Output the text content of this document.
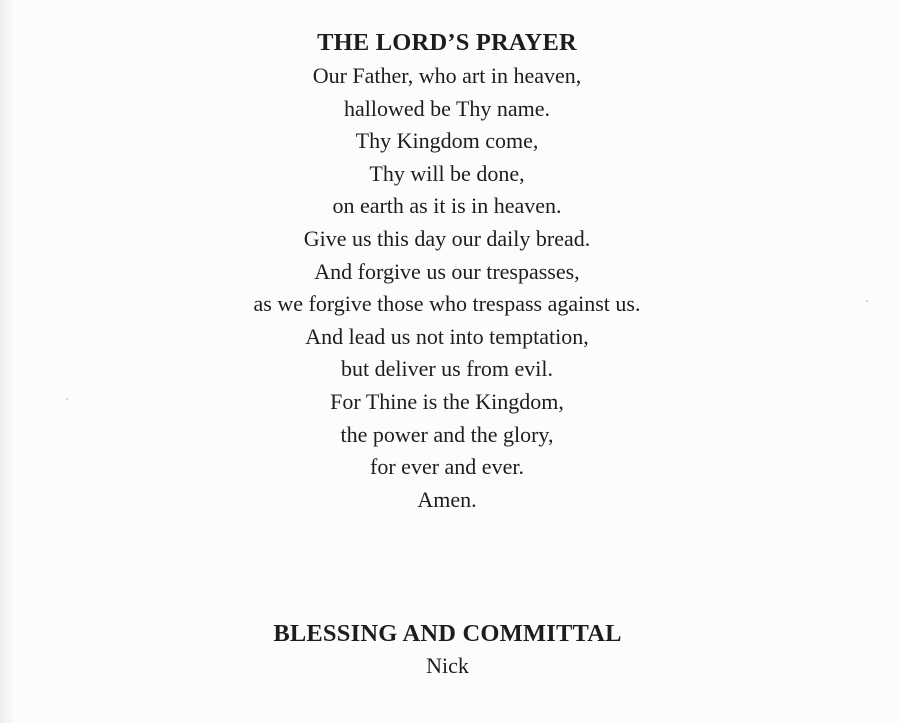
THE LORD’S PRAYER

Our Father, who art in heaven,

hallowed be Thy name.

Thy Kingdom come,

Thy will be done,

on earth as it is in heaven.

Give us this day our daily bread.

And forgive us our trespasses,

as we forgive those who trespass against us.

And lead us not into temptation,

but deliver us from evil.

For Thine is the Kingdom,

the power and the glory,

for ever and ever.

Amen.

BLESSING AND COMMITTAL

Nick
